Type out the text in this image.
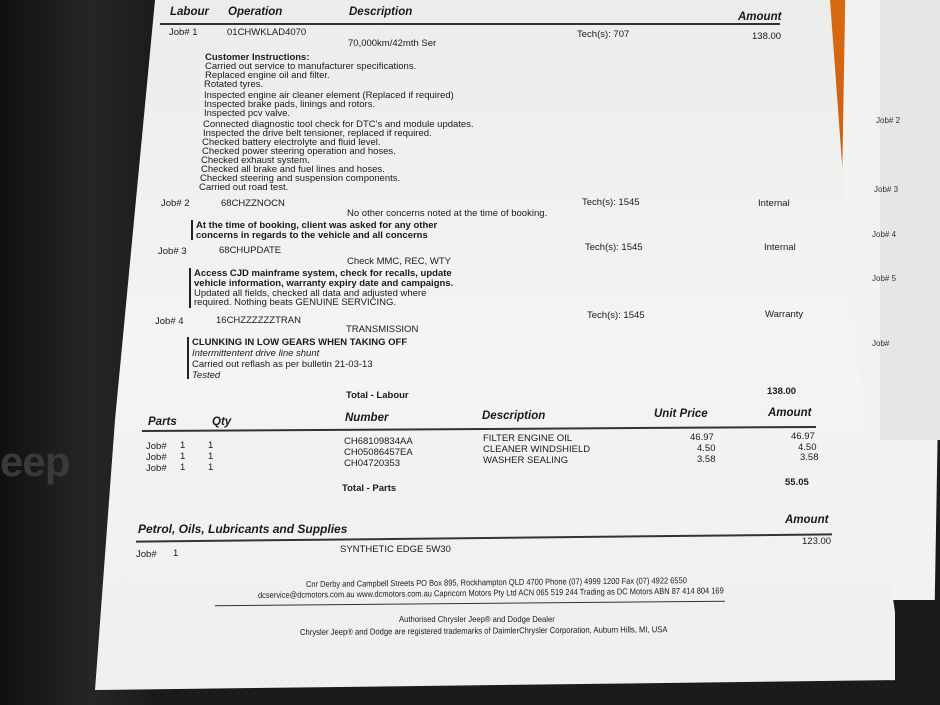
eep
Job# 2
Job# 3
Job# 4
Job# 5
Job#
Labour Operation	Description	Amount
Job# 1	01CHWKLAD4070	Tech(s): 707	138.00
70,000km/42mth Ser
Customer Instructions:
Carried out service to manufacturer specifications.
Replaced engine oil and filter.
Rotated tyres.
Inspected engine air cleaner element (Replaced if required)
Inspected brake pads, linings and rotors.
Inspected pcv valve.
Connected diagnostic tool check for DTC's and module updates.
Inspected the drive belt tensioner, replaced if required.
Checked battery electrolyte and fluid level.
Checked power steering operation and hoses.
Checked exhaust system.
Checked all brake and fuel lines and hoses.
Checked steering and suspension components.
Carried out road test.
Job# 2	68CHZZNOCN	Tech(s): 1545	Internal
No other concerns noted at the time of booking.
At the time of booking, client was asked for any other
concerns in regards to the vehicle and all concerns
Job# 3	68CHUPDATE	Tech(s): 1545	Internal
Check MMC, REC, WTY
Access CJD mainframe system, check for recalls, update
vehicle information, warranty expiry date and campaigns.
Updated all fields, checked all data and adjusted where
required. Nothing beats GENUINE SERVICING.
Job# 4	16CHZZZZZZTRAN	Tech(s): 1545	Warranty
TRANSMISSION
CLUNKING IN LOW GEARS WHEN TAKING OFF
Intermittentent drive line shunt
Carried out reflash as per bulletin 21-03-13
Tested
Total - Labour	138.00
Parts	Qty	Number	Description	Unit Price	Amount
Job# 1 1	CH68109834AA	FILTER ENGINE OIL	46.97	46.97
Job# 1 1	CH05086457EA	CLEANER WINDSHIELD	4.50	4.50
Job# 1 1	CH04720353	WASHER SEALING	3.58	3.58
Total - Parts
55.05
Petrol, Oils, Lubricants and Supplies
Amount
Job# 1	SYNTHETIC EDGE 5W30
123.00
Cnr Derby and Campbell Streets PO Box 895, Rockhampton QLD 4700 Phone (07) 4999 1200 Fax (07) 4922 6550
dcservice@dcmotors.com.au www.dcmotors.com.au Capricorn Motors Pty Ltd ACN 065 519 244 Trading as DC Motors ABN 87 414 804 169
Authorised Chrysler Jeep® and Dodge Dealer
Chrysler Jeep® and Dodge are registered trademarks of DaimlerChrysler Corporation, Auburn Hills, MI, USA
